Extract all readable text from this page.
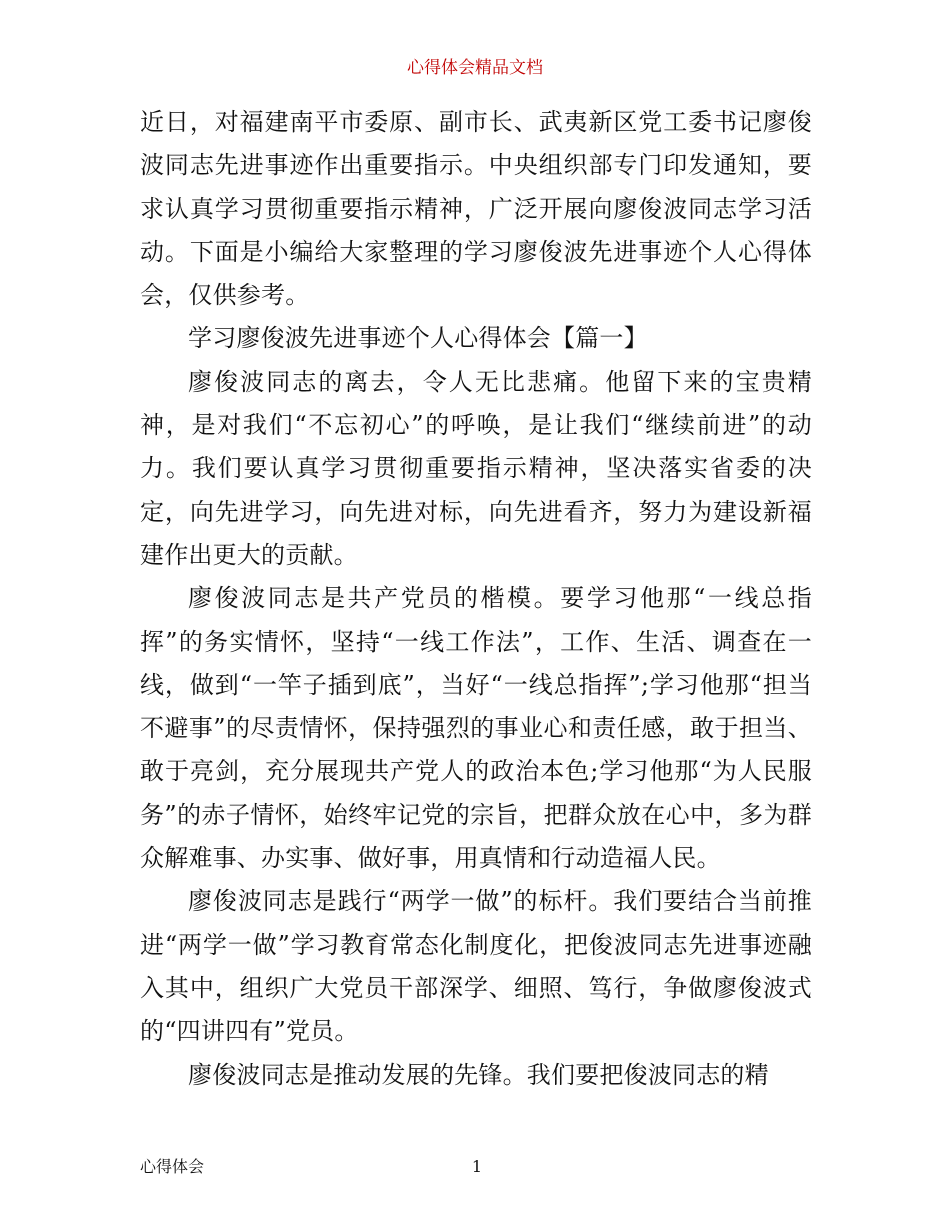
心得体会精品文档

近日，对福建南平市委原、副市长、武夷新区党工委书记廖俊波同志先进事迹作出重要指示。中央组织部专门印发通知，要求认真学习贯彻重要指示精神，广泛开展向廖俊波同志学习活动。下面是小编给大家整理的学习廖俊波先进事迹个人心得体会，仅供参考。

学习廖俊波先进事迹个人心得体会【篇一】

廖俊波同志的离去，令人无比悲痛。他留下来的宝贵精神，是对我们“不忘初心”的呼唤，是让我们“继续前进”的动力。我们要认真学习贯彻重要指示精神，坚决落实省委的决定，向先进学习，向先进对标，向先进看齐，努力为建设新福建作出更大的贡献。

廖俊波同志是共产党员的楷模。要学习他那“一线总指挥”的务实情怀，坚持“一线工作法”，工作、生活、调查在一线，做到“一竿子插到底”，当好“一线总指挥”;学习他那“担当不避事”的尽责情怀，保持强烈的事业心和责任感，敢于担当、敢于亮剑，充分展现共产党人的政治本色;学习他那“为人民服务”的赤子情怀，始终牢记党的宗旨，把群众放在心中，多为群众解难事、办实事、做好事，用真情和行动造福人民。

廖俊波同志是践行“两学一做”的标杆。我们要结合当前推进“两学一做”学习教育常态化制度化，把俊波同志先进事迹融入其中，组织广大党员干部深学、细照、笃行，争做廖俊波式的“四讲四有”党员。

廖俊波同志是推动发展的先锋。我们要把俊波同志的精

心得体会	1
